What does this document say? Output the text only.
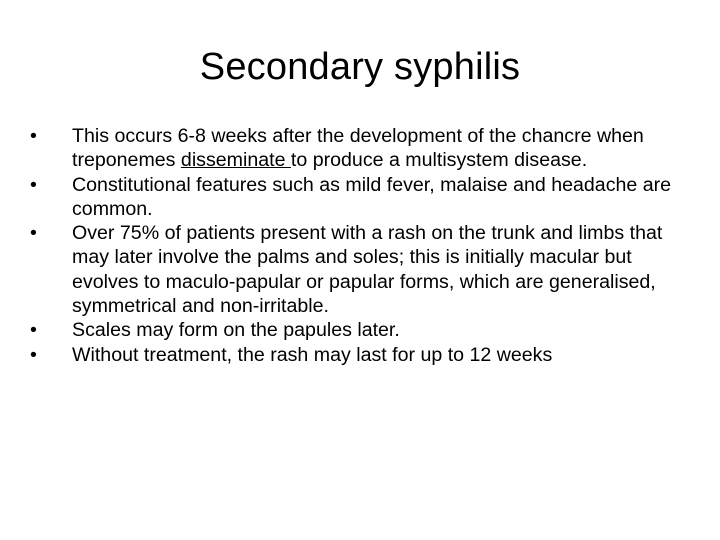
Secondary syphilis
•	This occurs 6-8 weeks after the development of the chancre when treponemes disseminate to produce a multisystem disease.
•	Constitutional features such as mild fever, malaise and headache are common.
•	Over 75% of patients present with a rash on the trunk and limbs that may later involve the palms and soles; this is initially macular but evolves to maculo-papular or papular forms, which are generalised, symmetrical and non-irritable.
•	Scales may form on the papules later.
•	Without treatment, the rash may last for up to 12 weeks
